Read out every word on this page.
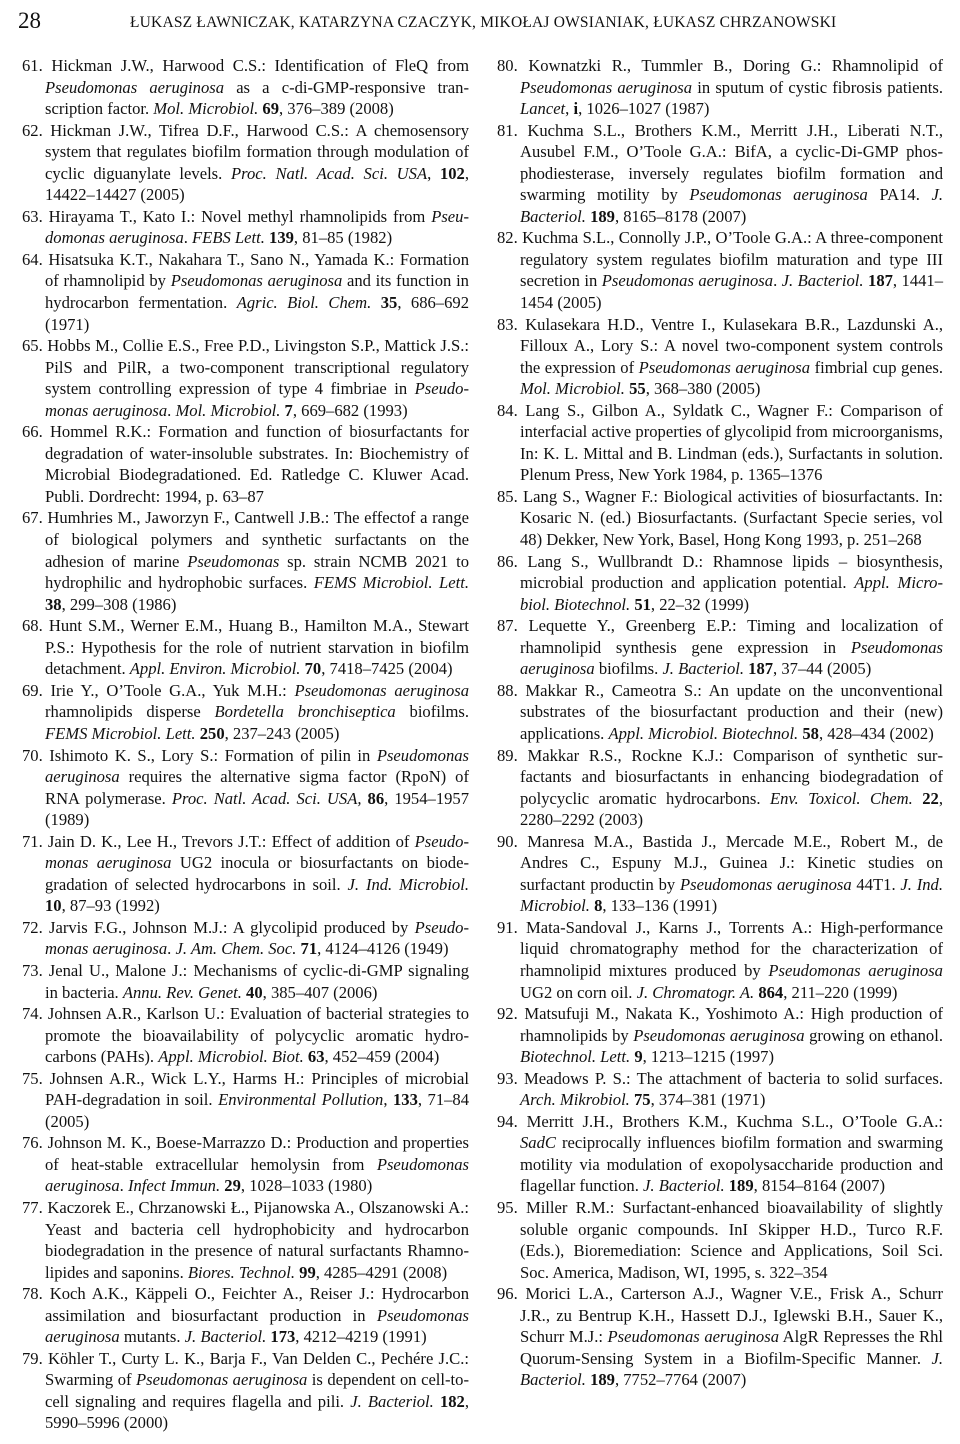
28	ŁUKASZ ŁAWNICZAK, KATARZYNA CZACZYK, MIKOŁAJ OWSIANIAK, ŁUKASZ CHRZANOWSKI

61. Hickman J.W., Harwood C.S.: Identification of FleQ from Pseudomonas aeruginosa as a c-di-GMP-responsive transcription factor. Mol. Microbiol. 69, 376–389 (2008)

62. Hickman J.W., Tifrea D.F., Harwood C.S.: A chemosensory system that regulates biofilm formation through modulation of cyclic diguanylate levels. Proc. Natl. Acad. Sci. USA, 102, 14422–14427 (2005)

63. Hirayama T., Kato I.: Novel methyl rhamnolipids from Pseudomonas aeruginosa. FEBS Lett. 139, 81–85 (1982)

64. Hisatsuka K.T., Nakahara T., Sano N., Yamada K.: Formation of rhamnolipid by Pseudomonas aeruginosa and its function in hydrocarbon fermentation. Agric. Biol. Chem. 35, 686–692 (1971)

65. Hobbs M., Collie E.S., Free P.D., Livingston S.P., Mattick J.S.: PilS and PilR, a two-component transcriptional regulatory system controlling expression of type 4 fimbriae in Pseudomonas aeruginosa. Mol. Microbiol. 7, 669–682 (1993)

66. Hommel R.K.: Formation and function of biosurfactants for degradation of water-insoluble substrates. In: Biochemistry of Microbial Biodegradationed. Ed. Ratledge C. Kluwer Acad. Publi. Dordrecht: 1994, p. 63–87

67. Humhries M., Jaworzyn F., Cantwell J.B.: The effectof a range of biological polymers and synthetic surfactants on the adhesion of marine Pseudomonas sp. strain NCMB 2021 to hydrophilic and hydrophobic surfaces. FEMS Microbiol. Lett. 38, 299–308 (1986)

68. Hunt S.M., Werner E.M., Huang B., Hamilton M.A., Stewart P.S.: Hypothesis for the role of nutrient starvation in biofilm detachment. Appl. Environ. Microbiol. 70, 7418–7425 (2004)

69. Irie Y., O’Toole G.A., Yuk M.H.: Pseudomonas aeruginosa rhamnolipids disperse Bordetella bronchiseptica biofilms. FEMS Microbiol. Lett. 250, 237–243 (2005)

70. Ishimoto K. S., Lory S.: Formation of pilin in Pseudomonas aeruginosa requires the alternative sigma factor (RpoN) of RNA polymerase. Proc. Natl. Acad. Sci. USA, 86, 1954–1957 (1989)

71. Jain D. K., Lee H., Trevors J.T.: Effect of addition of Pseudomonas aeruginosa UG2 inocula or biosurfactants on biodegradation of selected hydrocarbons in soil. J. Ind. Microbiol. 10, 87–93 (1992)

72. Jarvis F.G., Johnson M.J.: A glycolipid produced by Pseudomonas aeruginosa. J. Am. Chem. Soc. 71, 4124–4126 (1949)

73. Jenal U., Malone J.: Mechanisms of cyclic-di-GMP signaling in bacteria. Annu. Rev. Genet. 40, 385–407 (2006)

74. Johnsen A.R., Karlson U.: Evaluation of bacterial strategies to promote the bioavailability of polycyclic aromatic hydrocarbons (PAHs). Appl. Microbiol. Biot. 63, 452–459 (2004)

75. Johnsen A.R., Wick L.Y., Harms H.: Principles of microbial PAH-degradation in soil. Environmental Pollution, 133, 71–84 (2005)

76. Johnson M. K., Boese-Marrazzo D.: Production and properties of heat-stable extracellular hemolysin from Pseudomonas aeruginosa. Infect Immun. 29, 1028–1033 (1980)

77. Kaczorek E., Chrzanowski Ł., Pijanowska A., Olszanowski A.: Yeast and bacteria cell hydrophobicity and hydrocarbon biodegradation in the presence of natural surfactants Rhamnolipides and saponins. Biores. Technol. 99, 4285–4291 (2008)

78. Koch A.K., Käppeli O., Feichter A., Reiser J.: Hydrocarbon assimilation and biosurfactant production in Pseudomonas aeruginosa mutants. J. Bacteriol. 173, 4212–4219 (1991)

79. Köhler T., Curty L. K., Barja F., Van Delden C., Pechére J.C.: Swarming of Pseudomonas aeruginosa is dependent on cell-to-cell signaling and requires flagella and pili. J. Bacteriol. 182, 5990–5996 (2000)

80. Kownatzki R., Tummler B., Doring G.: Rhamnolipid of Pseudomonas aeruginosa in sputum of cystic fibrosis patients. Lancet, i, 1026–1027 (1987)

81. Kuchma S.L., Brothers K.M., Merritt J.H., Liberati N.T., Ausubel F.M., O’Toole G.A.: BifA, a cyclic-Di-GMP phosphodiesterase, inversely regulates biofilm formation and swarming motility by Pseudomonas aeruginosa PA14. J. Bacteriol. 189, 8165–8178 (2007)

82. Kuchma S.L., Connolly J.P., O’Toole G.A.: A three-component regulatory system regulates biofilm maturation and type III secretion in Pseudomonas aeruginosa. J. Bacteriol. 187, 1441–1454 (2005)

83. Kulasekara H.D., Ventre I., Kulasekara B.R., Lazdunski A., Filloux A., Lory S.: A novel two-component system controls the expression of Pseudomonas aeruginosa fimbrial cup genes. Mol. Microbiol. 55, 368–380 (2005)

84. Lang S., Gilbon A., Syldatk C., Wagner F.: Comparison of interfacial active properties of glycolipid from microorganisms, In: K. L. Mittal and B. Lindman (eds.), Surfactants in solution. Plenum Press, New York 1984, p. 1365–1376

85. Lang S., Wagner F.: Biological activities of biosurfactants. In: Kosaric N. (ed.) Biosurfactants. (Surfactant Specie series, vol 48) Dekker, New York, Basel, Hong Kong 1993, p. 251–268

86. Lang S., Wullbrandt D.: Rhamnose lipids – biosynthesis, microbial production and application potential. Appl. Microbiol. Biotechnol. 51, 22–32 (1999)

87. Lequette Y., Greenberg E.P.: Timing and localization of rhamnolipid synthesis gene expression in Pseudomonas aeruginosa biofilms. J. Bacteriol. 187, 37–44 (2005)

88. Makkar R., Cameotra S.: An update on the unconventional substrates of the biosurfactant production and their (new) applications. Appl. Microbiol. Biotechnol. 58, 428–434 (2002)

89. Makkar R.S., Rockne K.J.: Comparison of synthetic surfactants and biosurfactants in enhancing biodegradation of polycyclic aromatic hydrocarbons. Env. Toxicol. Chem. 22, 2280–2292 (2003)

90. Manresa M.A., Bastida J., Mercade M.E., Robert M., de Andres C., Espuny M.J., Guinea J.: Kinetic studies on surfactant productin by Pseudomonas aeruginosa 44T1. J. Ind. Microbiol. 8, 133–136 (1991)

91. Mata-Sandoval J., Karns J., Torrents A.: High-performance liquid chromatography method for the characterization of rhamnolipid mixtures produced by Pseudomonas aeruginosa UG2 on corn oil. J. Chromatogr. A. 864, 211–220 (1999)

92. Matsufuji M., Nakata K., Yoshimoto A.: High production of rhamnolipids by Pseudomonas aeruginosa growing on ethanol. Biotechnol. Lett. 9, 1213–1215 (1997)

93. Meadows P. S.: The attachment of bacteria to solid surfaces. Arch. Mikrobiol. 75, 374–381 (1971)

94. Merritt J.H., Brothers K.M., Kuchma S.L., O’Toole G.A.: SadC reciprocally influences biofilm formation and swarming motility via modulation of exopolysaccharide production and flagellar function. J. Bacteriol. 189, 8154–8164 (2007)

95. Miller R.M.: Surfactant-enhanced bioavailability of slightly soluble organic compounds. InI Skipper H.D., Turco R.F. (Eds.), Bioremediation: Science and Applications, Soil Sci. Soc. America, Madison, WI, 1995, s. 322–354

96. Morici L.A., Carterson A.J., Wagner V.E., Frisk A., Schurr J.R., zu Bentrup K.H., Hassett D.J., Iglewski B.H., Sauer K., Schurr M.J.: Pseudomonas aeruginosa AlgR Represses the Rhl Quorum-Sensing System in a Biofilm-Specific Manner. J. Bacteriol. 189, 7752–7764 (2007)
